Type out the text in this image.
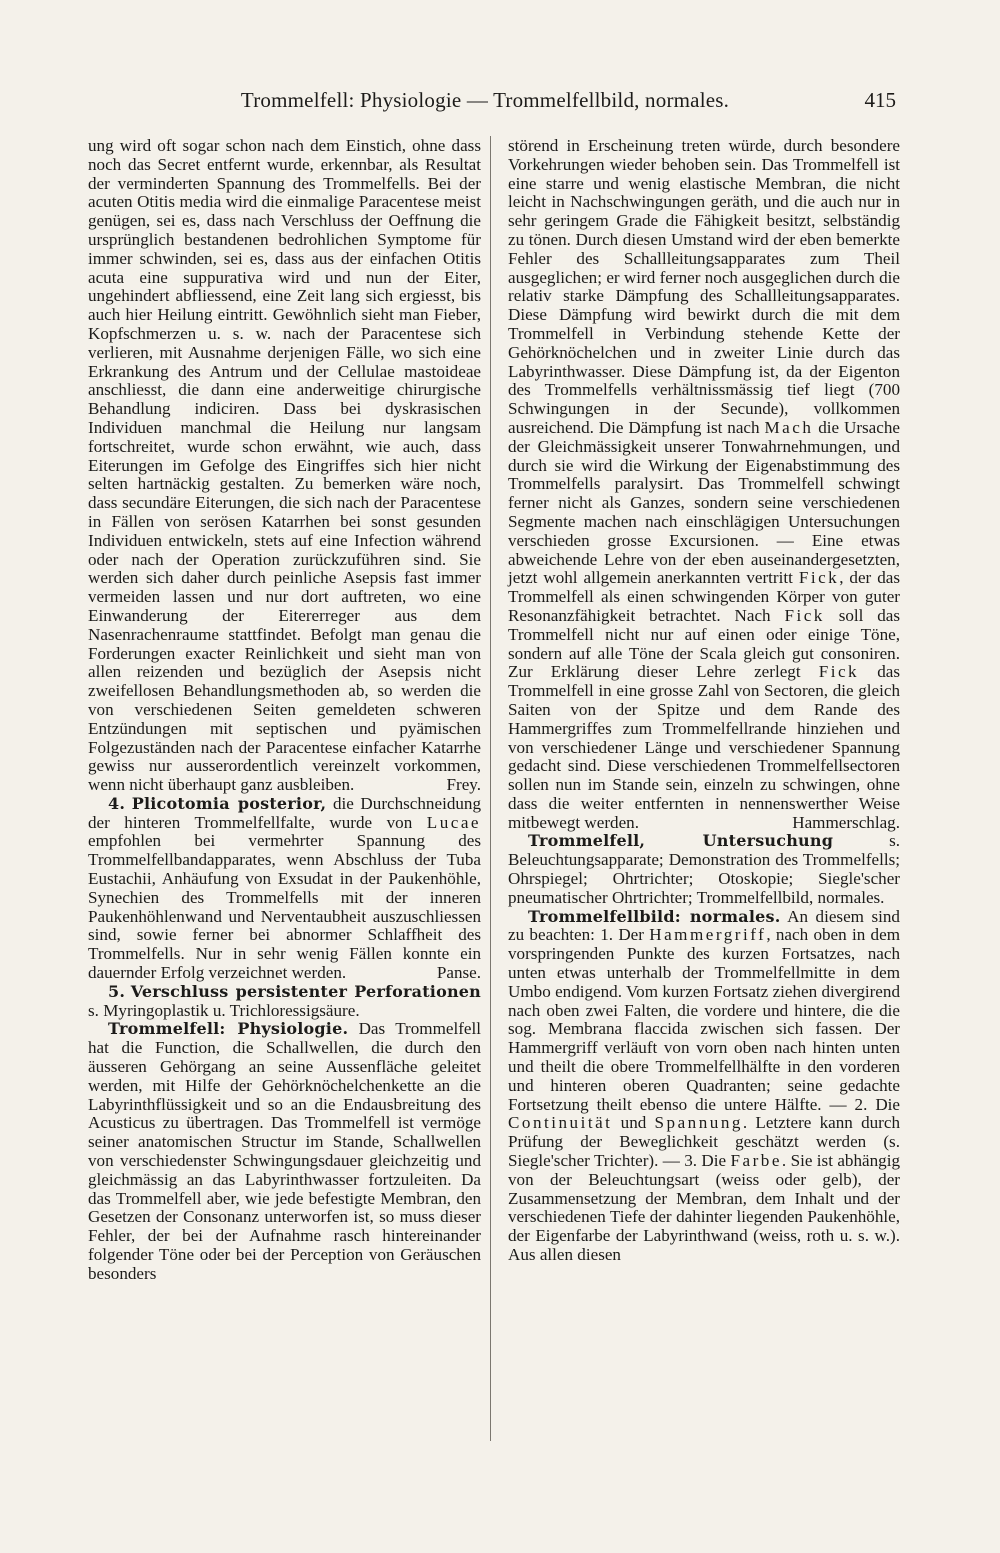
Trommelfell: Physiologie — Trommelfellbild, normales.	415

ung wird oft sogar schon nach dem Einstich, ohne dass noch das Secret entfernt wurde, erkennbar, als Resultat der verminderten Spannung des Trommelfells. Bei der acuten Otitis media wird die einmalige Paracentese meist genügen, sei es, dass nach Verschluss der Oeffnung die ursprünglich bestandenen bedrohlichen Symptome für immer schwinden, sei es, dass aus der einfachen Otitis acuta eine suppurativa wird und nun der Eiter, ungehindert abfliessend, eine Zeit lang sich ergiesst, bis auch hier Heilung eintritt. Gewöhnlich sieht man Fieber, Kopfschmerzen u. s. w. nach der Paracentese sich verlieren, mit Ausnahme derjenigen Fälle, wo sich eine Erkrankung des Antrum und der Cellulae mastoideae anschliesst, die dann eine anderweitige chirurgische Behandlung indiciren. Dass bei dyskrasischen Individuen manchmal die Heilung nur langsam fortschreitet, wurde schon erwähnt, wie auch, dass Eiterungen im Gefolge des Eingriffes sich hier nicht selten hartnäckig gestalten. Zu bemerken wäre noch, dass secundäre Eiterungen, die sich nach der Paracentese in Fällen von serösen Katarrhen bei sonst gesunden Individuen entwickeln, stets auf eine Infection während oder nach der Operation zurückzuführen sind. Sie werden sich daher durch peinliche Asepsis fast immer vermeiden lassen und nur dort auftreten, wo eine Einwanderung der Eitererreger aus dem Nasenrachenraume stattfindet. Befolgt man genau die Forderungen exacter Reinlichkeit und sieht man von allen reizenden und bezüglich der Asepsis nicht zweifellosen Behandlungsmethoden ab, so werden die von verschiedenen Seiten gemeldeten schweren Entzündungen mit septischen und pyämischen Folgezuständen nach der Paracentese einfacher Katarrhe gewiss nur ausserordentlich vereinzelt vorkommen, wenn nicht überhaupt ganz ausbleiben.	Frey.

4. Plicotomia posterior, die Durchschneidung der hinteren Trommelfellfalte, wurde von Lucae empfohlen bei vermehrter Spannung des Trommelfellbandapparates, wenn Abschluss der Tuba Eustachii, Anhäufung von Exsudat in der Paukenhöhle, Synechien des Trommelfells mit der inneren Paukenhöhlenwand und Nerventaubheit auszuschliessen sind, sowie ferner bei abnormer Schlaffheit des Trommelfells. Nur in sehr wenig Fällen konnte ein dauernder Erfolg verzeichnet werden.	Panse.

5. Verschluss persistenter Perforationen s. Myringoplastik u. Trichloressigsäure.

Trommelfell: Physiologie. Das Trommelfell hat die Function, die Schallwellen, die durch den äusseren Gehörgang an seine Aussenfläche geleitet werden, mit Hilfe der Gehörknöchelchenkette an die Labyrinthflüssigkeit und so an die Endausbreitung des Acusticus zu übertragen. Das Trommelfell ist vermöge seiner anatomischen Structur im Stande, Schallwellen von verschiedenster Schwingungsdauer gleichzeitig und gleichmässig an das Labyrinthwasser fortzuleiten. Da das Trommelfell aber, wie jede befestigte Membran, den Gesetzen der Consonanz unterworfen ist, so muss dieser Fehler, der bei der Aufnahme rasch hintereinander folgender Töne oder bei der Perception von Geräuschen besonders

störend in Erscheinung treten würde, durch besondere Vorkehrungen wieder behoben sein. Das Trommelfell ist eine starre und wenig elastische Membran, die nicht leicht in Nachschwingungen geräth, und die auch nur in sehr geringem Grade die Fähigkeit besitzt, selbständig zu tönen. Durch diesen Umstand wird der eben bemerkte Fehler des Schallleitungsapparates zum Theil ausgeglichen; er wird ferner noch ausgeglichen durch die relativ starke Dämpfung des Schallleitungsapparates. Diese Dämpfung wird bewirkt durch die mit dem Trommelfell in Verbindung stehende Kette der Gehörknöchelchen und in zweiter Linie durch das Labyrinthwasser. Diese Dämpfung ist, da der Eigenton des Trommelfells verhältnissmässig tief liegt (700 Schwingungen in der Secunde), vollkommen ausreichend. Die Dämpfung ist nach Mach die Ursache der Gleichmässigkeit unserer Tonwahrnehmungen, und durch sie wird die Wirkung der Eigenabstimmung des Trommelfells paralysirt. Das Trommelfell schwingt ferner nicht als Ganzes, sondern seine verschiedenen Segmente machen nach einschlägigen Untersuchungen verschieden grosse Excursionen. — Eine etwas abweichende Lehre von der eben auseinandergesetzten, jetzt wohl allgemein anerkannten vertritt Fick, der das Trommelfell als einen schwingenden Körper von guter Resonanzfähigkeit betrachtet. Nach Fick soll das Trommelfell nicht nur auf einen oder einige Töne, sondern auf alle Töne der Scala gleich gut consoniren. Zur Erklärung dieser Lehre zerlegt Fick das Trommelfell in eine grosse Zahl von Sectoren, die gleich Saiten von der Spitze und dem Rande des Hammergriffes zum Trommelfellrande hinziehen und von verschiedener Länge und verschiedener Spannung gedacht sind. Diese verschiedenen Trommelfellsectoren sollen nun im Stande sein, einzeln zu schwingen, ohne dass die weiter entfernten in nennenswerther Weise mitbewegt werden.	Hammerschlag.

Trommelfell, Untersuchung	s. Beleuchtungsapparate; Demonstration des Trommelfells; Ohrspiegel; Ohrtrichter; Otoskopie; Siegle'scher pneumatischer Ohrtrichter; Trommelfellbild, normales.

Trommelfellbild: normales. An diesem sind zu beachten: 1. Der Hammergriff, nach oben in dem vorspringenden Punkte des kurzen Fortsatzes, nach unten etwas unterhalb der Trommelfellmitte in dem Umbo endigend. Vom kurzen Fortsatz ziehen divergirend nach oben zwei Falten, die vordere und hintere, die die sog. Membrana flaccida zwischen sich fassen. Der Hammergriff verläuft von vorn oben nach hinten unten und theilt die obere Trommelfellhälfte in den vorderen und hinteren oberen Quadranten; seine gedachte Fortsetzung theilt ebenso die untere Hälfte. — 2. Die Continuität und Spannung. Letztere kann durch Prüfung der Beweglichkeit geschätzt werden (s. Siegle'scher Trichter). — 3. Die Farbe. Sie ist abhängig von der Beleuchtungsart (weiss oder gelb), der Zusammensetzung der Membran, dem Inhalt und der verschiedenen Tiefe der dahinter liegenden Paukenhöhle, der Eigenfarbe der Labyrinthwand (weiss, roth u. s. w.). Aus allen diesen
